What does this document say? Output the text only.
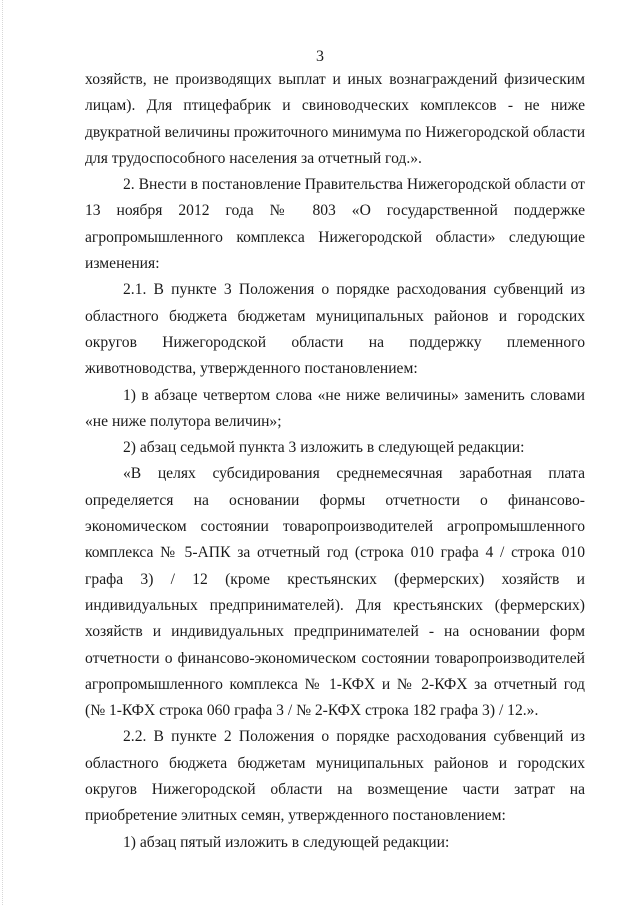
3

хозяйств, не производящих выплат и иных вознаграждений физическим

лицам). Для птицефабрик и свиноводческих комплексов - не ниже

двукратной величины прожиточного минимума по Нижегородской области

для трудоспособного населения за отчетный год.».

2. Внести в постановление Правительства Нижегородской области от

13 ноября 2012 года № 803 «О государственной поддержке

агропромышленного комплекса Нижегородской области» следующие

изменения:

2.1. В пункте 3 Положения о порядке расходования субвенций из

областного бюджета бюджетам муниципальных районов и городских

округов Нижегородской области на поддержку племенного

животноводства, утвержденного постановлением:

1) в абзаце четвертом слова «не ниже величины» заменить словами

«не ниже полутора величин»;

2) абзац седьмой пункта 3 изложить в следующей редакции:

«В целях субсидирования среднемесячная заработная плата

определяется на основании формы отчетности о финансово-

экономическом состоянии товаропроизводителей агропромышленного

комплекса № 5-АПК за отчетный год (строка 010 графа 4 / строка 010

графа 3) / 12 (кроме крестьянских (фермерских) хозяйств и

индивидуальных предпринимателей). Для крестьянских (фермерских)

хозяйств и индивидуальных предпринимателей - на основании форм

отчетности о финансово-экономическом состоянии товаропроизводителей

агропромышленного комплекса № 1-КФХ и № 2-КФХ за отчетный год

(№ 1-КФХ строка 060 графа 3 / № 2-КФХ строка 182 графа 3) / 12.».

2.2. В пункте 2 Положения о порядке расходования субвенций из

областного бюджета бюджетам муниципальных районов и городских

округов Нижегородской области на возмещение части затрат на

приобретение элитных семян, утвержденного постановлением:

1) абзац пятый изложить в следующей редакции:
